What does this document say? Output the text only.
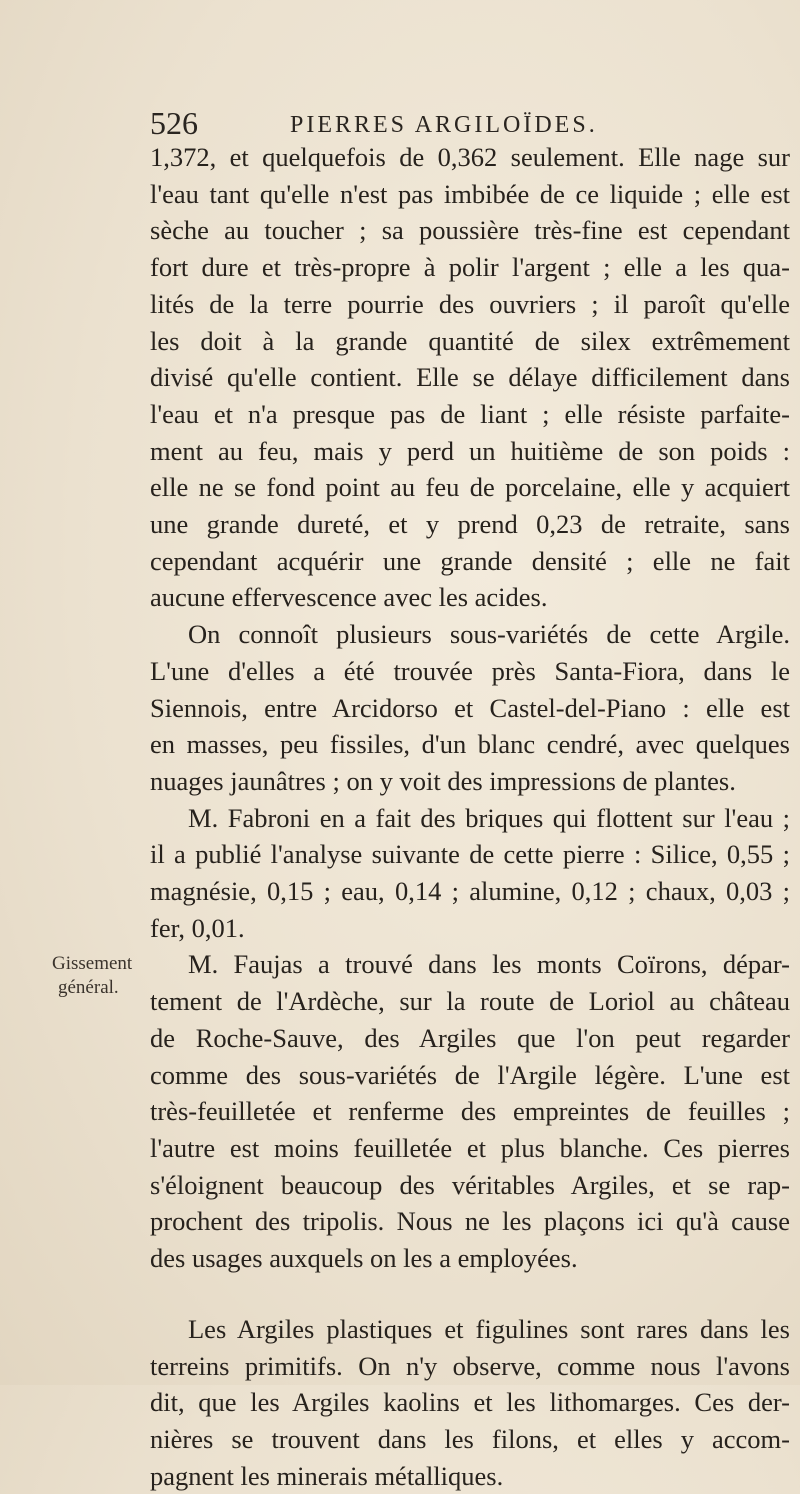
526	PIERRES ARGILOÏDES.
Gissement
général.
1,372, et quelquefois de 0,362 seulement. Elle nage sur
l'eau tant qu'elle n'est pas imbibée de ce liquide ; elle est
sèche au toucher ; sa poussière très-fine est cependant
fort dure et très-propre à polir l'argent ; elle a les qua-
lités de la terre pourrie des ouvriers ; il paroît qu'elle
les doit à la grande quantité de silex extrêmement
divisé qu'elle contient. Elle se délaye difficilement dans
l'eau et n'a presque pas de liant ; elle résiste parfaite-
ment au feu, mais y perd un huitième de son poids :
elle ne se fond point au feu de porcelaine, elle y acquiert
une grande dureté, et y prend 0,23 de retraite, sans
cependant acquérir une grande densité ; elle ne fait
aucune effervescence avec les acides.
On connoît plusieurs sous-variétés de cette Argile.
L'une d'elles a été trouvée près Santa-Fiora, dans le
Siennois, entre Arcidorso et Castel-del-Piano : elle est
en masses, peu fissiles, d'un blanc cendré, avec quelques
nuages jaunâtres ; on y voit des impressions de plantes.
M. Fabroni en a fait des briques qui flottent sur l'eau ;
il a publié l'analyse suivante de cette pierre : Silice, 0,55 ;
magnésie, 0,15 ; eau, 0,14 ; alumine, 0,12 ; chaux, 0,03 ;
fer, 0,01.
M. Faujas a trouvé dans les monts Coïrons, dépar-
tement de l'Ardèche, sur la route de Loriol au château
de Roche-Sauve, des Argiles que l'on peut regarder
comme des sous-variétés de l'Argile légère. L'une est
très-feuilletée et renferme des empreintes de feuilles ;
l'autre est moins feuilletée et plus blanche. Ces pierres
s'éloignent beaucoup des véritables Argiles, et se rap-
prochent des tripolis. Nous ne les plaçons ici qu'à cause
des usages auxquels on les a employées.
Les Argiles plastiques et figulines sont rares dans les
terreins primitifs. On n'y observe, comme nous l'avons
dit, que les Argiles kaolins et les lithomarges. Ces der-
nières se trouvent dans les filons, et elles y accom-
pagnent les minerais métalliques.
